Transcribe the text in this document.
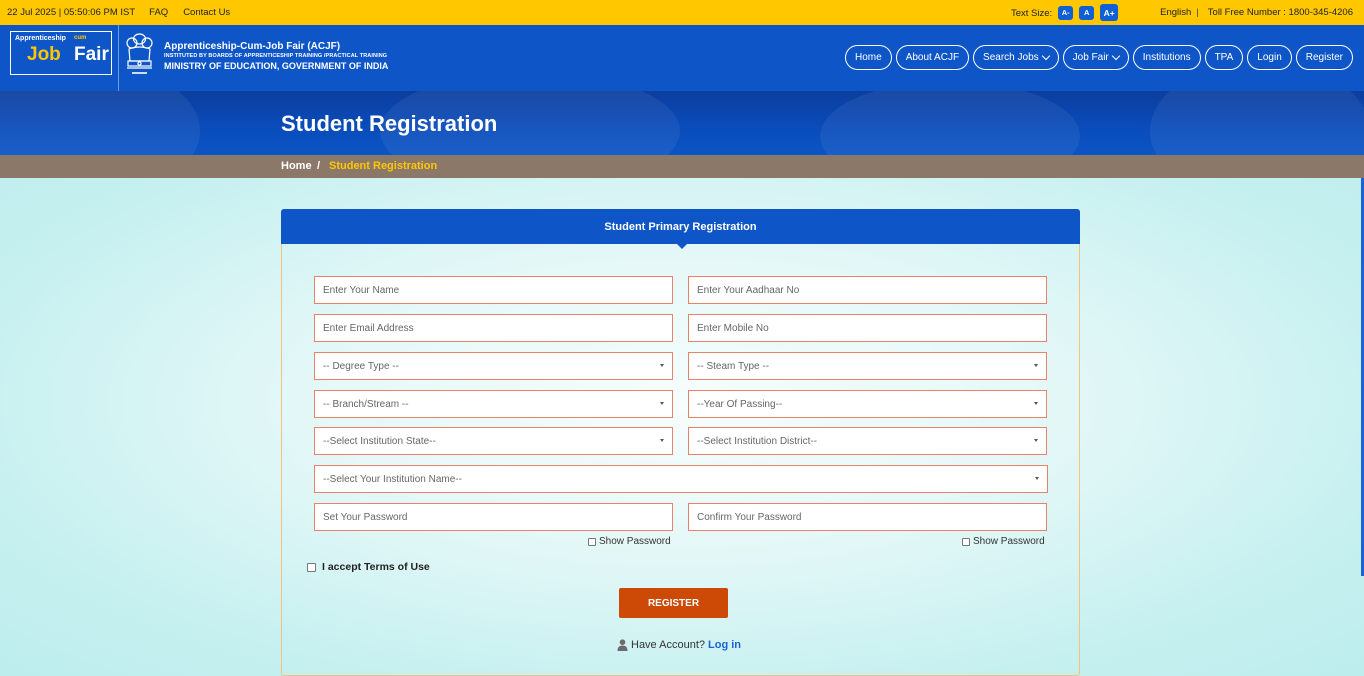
22 Jul 2025 | 05:50:06 PM IST FAQ Contact Us	Text Size:	A-	A	A+	English | Toll Free Number : 1800-345-4206
Apprenticeship cum
Job Fair	Apprenticeship-Cum-Job Fair (ACJF)
INSTITUTED BY BOARDS OF APPRENTICESHIP TRAINING /PRACTICAL TRAINING
MINISTRY OF EDUCATION, GOVERNMENT OF INDIA
Home About ACJF Search Jobs	Job Fair	Institutions TPA Login Register
Student Registration
Home / Student Registration
Student Primary Registration
Enter Your Name	Enter Your Aadhaar No
Enter Email Address	Enter Mobile No
-- Degree Type --	-- Steam Type --
-- Branch/Stream --	--Year Of Passing--
--Select Institution State--	--Select Institution District--
--Select Your Institution Name--
Set Your Password	Confirm Your Password
Show Password	Show Password
I accept Terms of Use
REGISTER
Have Account? Log in
